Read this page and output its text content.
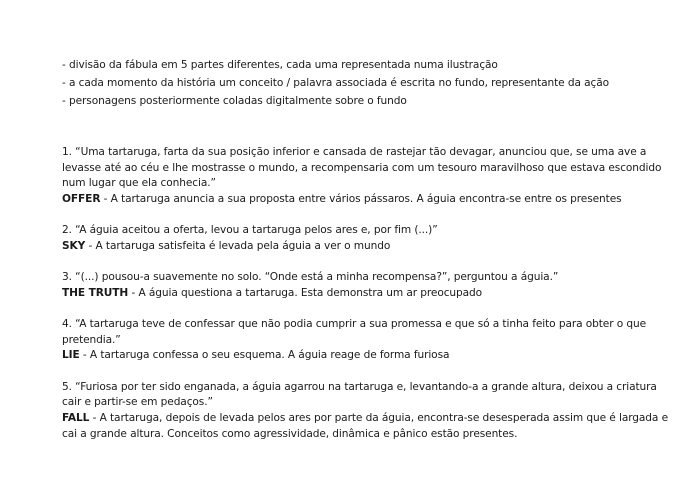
- divisão da fábula em 5 partes diferentes, cada uma representada numa ilustração

- a cada momento da história um conceito / palavra associada é escrita no fundo, representante da ação

- personagens posteriormente coladas digitalmente sobre o fundo

1. “Uma tartaruga, farta da sua posição inferior e cansada de rastejar tão devagar, anunciou que, se uma ave a

levasse até ao céu e lhe mostrasse o mundo, a recompensaria com um tesouro maravilhoso que estava escondido

num lugar que ela conhecia.”

OFFER - A tartaruga anuncia a sua proposta entre vários pássaros. A águia encontra-se entre os presentes

2. “A águia aceitou a oferta, levou a tartaruga pelos ares e, por fim (...)”

SKY - A tartaruga satisfeita é levada pela águia a ver o mundo

3. “(...) pousou-a suavemente no solo. “Onde está a minha recompensa?”, perguntou a águia.”

THE TRUTH - A águia questiona a tartaruga. Esta demonstra um ar preocupado

4. “A tartaruga teve de confessar que não podia cumprir a sua promessa e que só a tinha feito para obter o que

pretendia.”

LIE - A tartaruga confessa o seu esquema. A águia reage de forma furiosa

5. “Furiosa por ter sido enganada, a águia agarrou na tartaruga e, levantando-a a grande altura, deixou a criatura

cair e partir-se em pedaços.”

FALL - A tartaruga, depois de levada pelos ares por parte da águia, encontra-se desesperada assim que é largada e

cai a grande altura. Conceitos como agressividade, dinâmica e pânico estão presentes.
